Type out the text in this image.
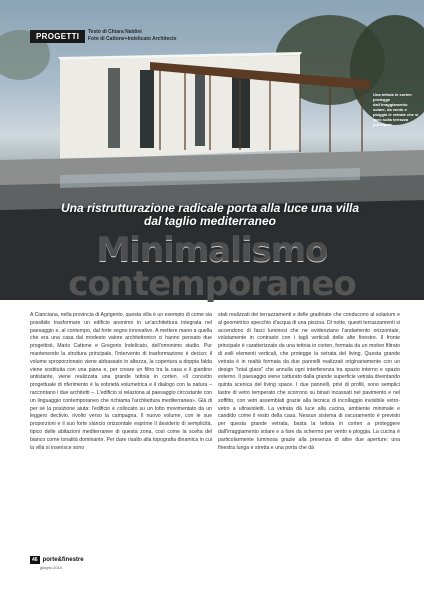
PROGETTI	Testo di Chiara Naldini
Foto di Cattone+Indelicato Architects
Una tettoia in corten protegge dall'irraggiamento solare, da vento e pioggia le vetrate che si apro sulla terrazza principale
Una ristrutturazione radicale porta alla luce una villa dal taglio mediterraneo
Minimalismo
contemporaneo

A Cianciana, nella provincia di Agrigento, questa villa è un esempio di come sia possibile trasformare un edificio anonimo in un'architettura integrata nel paesaggio e, al contempo, dal forte segno innovativo. A mettere mano a quella che era una casa dal modesto valore architettonico ci hanno pensato due progettisti, Mario Cattone e Gregorio Indelicato, dell'omonimo studio. Pur mantenendo la struttura principale, l'intervento di trasformazione è deciso: il volume sproporzionato viene abbassato in altezza, la copertura a doppia falda viene sostituita con una piana e, per creare un filtro tra la casa e il giardino antistante, viene realizzata una grande tettoia in corten. «Il concetto progettuale di riferimento è la sobrietà volumetrica e il dialogo con la natura – raccontano i due architetti –. L'edificio si relaziona al paesaggio circostante con un linguaggio contemporaneo che richiama l'architettura mediterranea». Già di per sé la posizione aiuta: l'edificio è collocato su un lotto movimentato da un leggero declivio, rivolto verso la campagna. Il nuovo volume, con le sue proporzioni e il suo forte slancio orizzontale esprime il desiderio di semplicità, tipico delle abitazioni mediterranee di questa zona, così come la scelta del bianco come tonalità dominante. Per dare risalto alla topografia dinamica in cui la villa si inserisce sono

stati realizzati dei terrazzamenti e delle gradinate che conducono al solarium e al geometrico specchio d'acqua di una piscina. Di notte, questi terrazzamenti si accendono di fasci luminosi che ne evidenziano l'andamento orizzontale, volutamente in contrasto con i tagli verticali delle alte finestre. Il fronte principale è caratterizzato da una tettoia in corten, formata da un motivo filtrato di esili elementi verticali, che protegge la vetrata del living. Questa grande vetrata è in realtà formata da due pannelli realizzati originariamente con un design "total glass" che annulla ogni interferenza tra spazio interno e spazio esterno. Il paesaggio viene catturato dalla grande superficie vetrata diventando quinta scenica del living space. I due pannelli, privi di profili, sono semplici lastre di vetro temperato che scorrono su binari incassati nel pavimento e nel soffitto, con vetri assemblati grazie alla tecnica di incollaggio invisibile vetro-vetro a ultravioletti. La vetrata dà luce alla cucina, ambiente minimale e candido come il resto della casa. Nessun sistema di oscuramento è previsto per questa grande vetrata, basta la tettoia in corten a proteggere dall'irraggiamento solare e a fare da schermo per vento e pioggia. La cucina è particolarmente luminosa grazie alla presenza di altre due aperture: una finestra lunga e stretta e una porta che dà

46 porte&finestre
giugno 2014
